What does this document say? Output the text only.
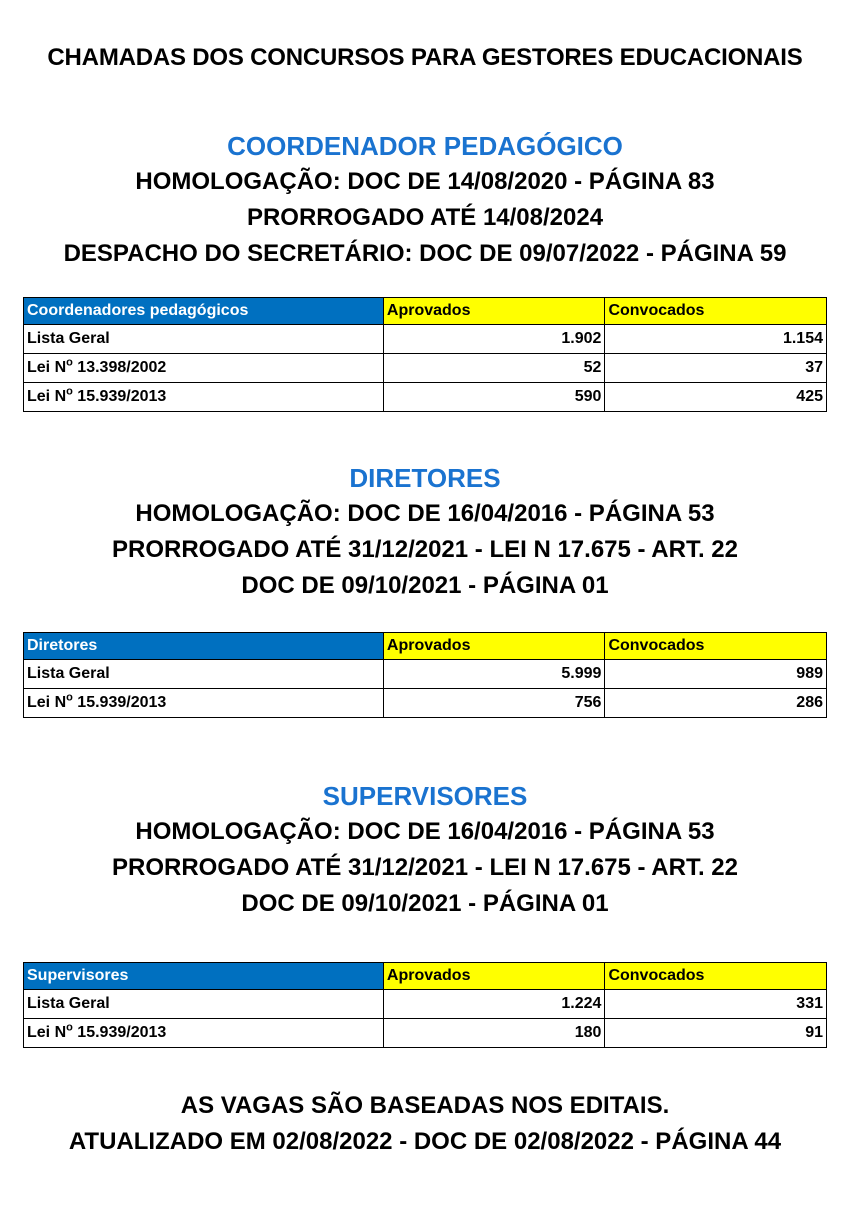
CHAMADAS DOS CONCURSOS PARA GESTORES EDUCACIONAIS
COORDENADOR PEDAGÓGICO
HOMOLOGAÇÃO: DOC DE 14/08/2020 - PÁGINA 83
PRORROGADO ATÉ 14/08/2024
DESPACHO DO SECRETÁRIO: DOC DE 09/07/2022 - PÁGINA 59
Coordenadores pedagógicos	Aprovados	Convocados
Lista Geral	1.902	1.154
Lei $N^o$ 13.398/2002	52	37
Lei $N^o$ 15.939/2013	590	425
DIRETORES
HOMOLOGAÇÃO: DOC DE 16/04/2016 - PÁGINA 53
PRORROGADO ATÉ 31/12/2021 - LEI N 17.675 - ART. 22
DOC DE 09/10/2021 - PÁGINA 01
Diretores	Aprovados	Convocados
Lista Geral	5.999	989
Lei $N^o$ 15.939/2013	756	286
SUPERVISORES
HOMOLOGAÇÃO: DOC DE 16/04/2016 - PÁGINA 53
PRORROGADO ATÉ 31/12/2021 - LEI N 17.675 - ART. 22
DOC DE 09/10/2021 - PÁGINA 01
Supervisores	Aprovados	Convocados
Lista Geral	1.224	331
Lei $N^o$ 15.939/2013	180	91
AS VAGAS SÃO BASEADAS NOS EDITAIS.
ATUALIZADO EM 02/08/2022 - DOC DE 02/08/2022 - PÁGINA 44
